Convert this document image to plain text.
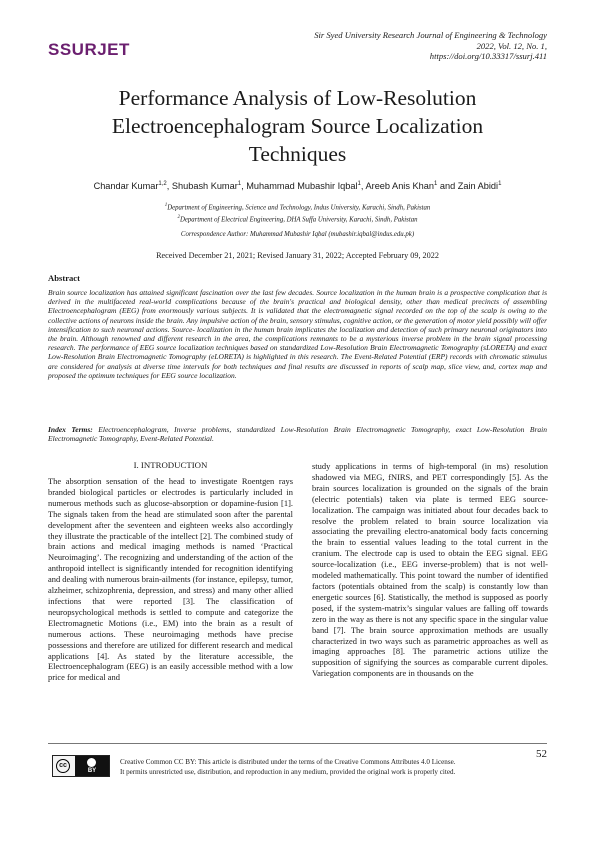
SSURJET
Sir Syed University Research Journal of Engineering & Technology
2022, Vol. 12, No. 1,
https://doi.org/10.33317/ssurj.411
Performance Analysis of Low-Resolution
Electroencephalogram Source Localization
Techniques
Chandar Kumar$^{1,2}$, Shubash Kumar$^1$, Muhammad Mubashir Iqbal$^1$, Areeb Anis Khan$^1$ and Zain Abidi$^1$
$^1$Department of Engineering, Science and Technology, Indus University, Karachi, Sindh, Pakistan
$^2$Department of Electrical Engineering, DHA Suffa University, Karachi, Sindh, Pakistan
Correspondence Author: Muhammad Mubashir Iqbal (mubashir.iqbal@indus.edu.pk)
Received December 21, 2021; Revised January 31, 2022; Accepted February 09, 2022
Abstract
Brain source localization has attained significant fascination over the last few decades. Source localization in the human brain is a prospective complication that is derived in the multifaceted real-world complications because of the brain's practical and biological density, other than medical precincts of assembling Electroencephalogram (EEG) from enormously various subjects. It is validated that the electromagnetic signal recorded on the top of the scalp is owing to the collective actions of neurons inside the brain. Any impulsive action of the brain, sensory stimulus, cognitive action, or the generation of motor yield possibly will offer intensification to such neuronal actions. Source- localization in the human brain implicates the localization and detection of such primary neuronal originators into the brain. Although renowned and different research in the area, the complications remnants to be a mysterious inverse problem in the brain signal processing research. The performance of EEG source localization techniques based on standardized Low-Resolution Brain Electromagnetic Tomography (sLORETA) and exact Low-Resolution Brain Electromagnetic Tomography (eLORETA) is highlighted in this research. The Event-Related Potential (ERP) records with chromatic stimulus are considered for analysis at diverse time intervals for both techniques and final results are discussed in reports of scalp map, slice view, and, cortex map and proposed the optimum techniques for EEG source localization.
Index Terms: Electroencephalogram, Inverse problems, standardized Low-Resolution Brain Electromagnetic Tomography, exact Low-Resolution Brain Electromagnetic Tomography, Event-Related Potential.
I. INTRODUCTION
The absorption sensation of the head to investigate Roentgen rays branded biological particles or electrodes is particularly included in numerous methods such as glucose-absorption or dopamine-fusion [1]. The signals taken from the head are stimulated soon after the parental development after the seventeen and eighteen weeks also accordingly they illustrate the practicable of the intellect [2]. The combined study of brain actions and medical imaging methods is named ‘Practical Neuroimaging’. The recognizing and understanding of the action of the anthropoid intellect is significantly intended for recognition identifying and dealing with numerous brain-ailments (for instance, epilepsy, tumor, alzheimer, schizophrenia, depression, and stress) and many other allied infections that were reported [3]. The classification of neuropsychological methods is settled to compute and categorize the Electromagnetic Motions (i.e., EM) into the brain as a result of numerous actions. These neuroimaging methods have precise possessions and therefore are utilized for different research and medical applications [4]. As stated by the literature accessible, the Electroencephalogram (EEG) is an easily accessible method with a low price for medical and
study applications in terms of high-temporal (in ms) resolution shadowed via MEG, fNIRS, and PET correspondingly [5]. As the brain sources localization is grounded on the signals of the brain (electric potentials) taken via plate is termed EEG source-localization. The campaign was initiated about four decades back to resolve the problem related to brain source localization via associating the prevailing electro-anatomical body facts concerning the brain to essential values leading to the total current in the cranium. The electrode cap is used to obtain the EEG signal. EEG source-localization (i.e., EEG inverse-problem) that is not well-modeled mathematically. This point toward the number of identified factors (potentials obtained from the scalp) is constantly low than energetic sources [6]. Statistically, the method is supposed as poorly posed, if the system-matrix’s singular values are falling off towards zero in the way as there is not any specific space in the singular value band [7]. The brain source approximation methods are usually characterized in two ways such as parametric approaches as well as imaging approaches [8]. The parametric actions utilize the supposition of signifying the sources as comparable current dipoles. Variegation components are in thousands on the
cc
BY
Creative Common CC BY: This article is distributed under the terms of the Creative Commons Attributes 4.0 License.
It permits unrestricted use, distribution, and reproduction in any medium, provided the original work is properly cited.
52
